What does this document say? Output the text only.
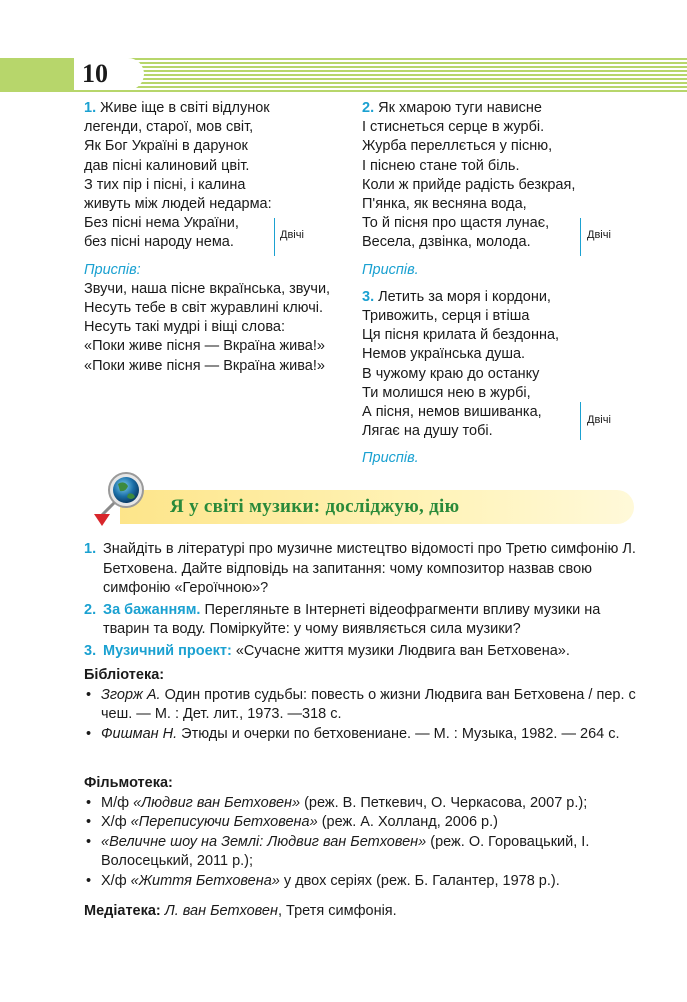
10
1. Живе іще в світі відлунок
легенди, старої, мов світ,
Як Бог Україні в дарунок
дав пісні калиновий цвіт.
З тих пір і пісні, і калина
живуть між людей недарма:
Без пісні нема України,
без пісні народу нема.
Приспів:
Звучи, наша пісне вкраїнська, звучи,
Несуть тебе в світ журавлині ключі.
Несуть такі мудрі і віщі слова:
«Поки живе пісня — Вкраїна жива!»
«Поки живе пісня — Вкраїна жива!»
Двічі
2. Як хмарою туги нависне
І стиснеться серце в журбі.
Журба переллється у пісню,
І піснею стане той біль.
Коли ж прийде радість безкрая,
П'янка, як весняна вода,
То й пісня про щастя лунає,
Весела, дзвінка, молода.
Приспів.
3. Летить за моря і кордони,
Тривожить, серця і втіша
Ця пісня крилата й бездонна,
Немов українська душа.
В чужому краю до останку
Ти молишся нею в журбі,
А пісня, немов вишиванка,
Лягає на душу тобі.
Приспів.
Двічі
Двічі
Я у світі музики: досліджую, дію
1. Знайдіть в літературі про музичне мистецтво відомості про Третю симфонію Л. Бетховена. Дайте відповідь на запитання: чому композитор назвав свою симфонію «Героїчною»?
2. За бажанням. Перегляньте в Інтернеті відеофрагменти впливу музики на тварин та воду. Поміркуйте: у чому виявляється сила музики?
3. Музичний проект: «Сучасне життя музики Людвига ван Бетховена».
Бібліотека:
• Згорж А. Один против судьбы: повесть о жизни Людвига ван Бетховена / пер. с чеш. — М. : Дет. лит., 1973. —318 с.
• Фишман Н. Этюды и очерки по бетховениане. — М. : Музыка, 1982. — 264 с.
Фільмотека:
• М/ф «Людвиг ван Бетховен» (реж. В. Петкевич, О. Черкасова, 2007 р.);
• Х/ф «Переписуючи Бетховена» (реж. А. Холланд, 2006 р.)
• «Величне шоу на Землі: Людвиг ван Бетховен» (реж. О. Горовацький, І. Волосецький, 2011 р.);
• Х/ф «Життя Бетховена» у двох серіях (реж. Б. Галантер, 1978 р.).
Медіатека: Л. ван Бетховен, Третя симфонія.
